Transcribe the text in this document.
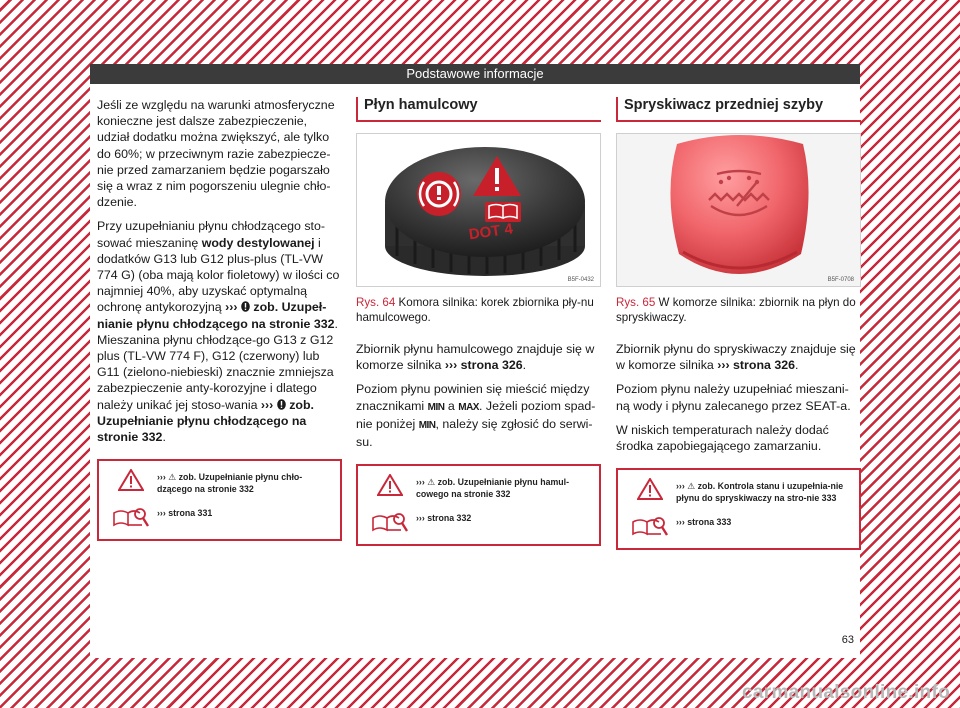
Podstawowe informacje

Jeśli ze względu na warunki atmosferyczne konieczne jest dalsze zabezpieczenie, udział dodatku można zwiększyć, ale tylko do 60%; w przeciwnym razie zabezpiecze-nie przed zamarzaniem będzie pogarszało się a wraz z nim pogorszeniu ulegnie chło-dzenie.

Przy uzupełnianiu płynu chłodzącego sto-sować mieszaninę wody destylowanej i dodatków G13 lub G12 plus-plus (TL-VW 774 G) (oba mają kolor fioletowy) w ilości co najmniej 40%, aby uzyskać optymalną ochronę antykorozyjną ›››  zob. Uzupeł-nianie płynu chłodzącego na stronie 332. Mieszanina płynu chłodzące-go G13 z G12 plus (TL-VW 774 F), G12 (czerwony) lub G11 (zielono-niebieski) znacznie zmniejsza zabezpieczenie anty-korozyjne i dlatego należy unikać jej stoso-wania ›››  zob. Uzupełnianie płynu chłodzącego na stronie 332.

››› ⚠ zob. Uzupełnianie płynu chło-dzącego na stronie 332
››› strona 331
Płyn hamulcowy
DOT 4
B5F-0432
Rys. 64 Komora silnika: korek zbiornika pły-nu hamulcowego.

Zbiornik płynu hamulcowego znajduje się w komorze silnika ››› strona 326.

Poziom płynu powinien się mieścić między znacznikami MIN a MAX. Jeżeli poziom spad-nie poniżej MIN, należy się zgłosić do serwi-su.

››› ⚠ zob. Uzupełnianie płynu hamul-cowego na stronie 332
››› strona 332
Spryskiwacz przedniej szyby
B5F-0708
Rys. 65 W komorze silnika: zbiornik na płyn do spryskiwaczy.

Zbiornik płynu do spryskiwaczy znajduje się w komorze silnika ››› strona 326.

Poziom płynu należy uzupełniać mieszani-ną wody i płynu zalecanego przez SEAT-a.

W niskich temperaturach należy dodać środka zapobiegającego zamarzaniu.

››› ⚠ zob. Kontrola stanu i uzupełnia-nie płynu do spryskiwaczy na stro-nie 333
››› strona 333
63
carmanualsonline.info
